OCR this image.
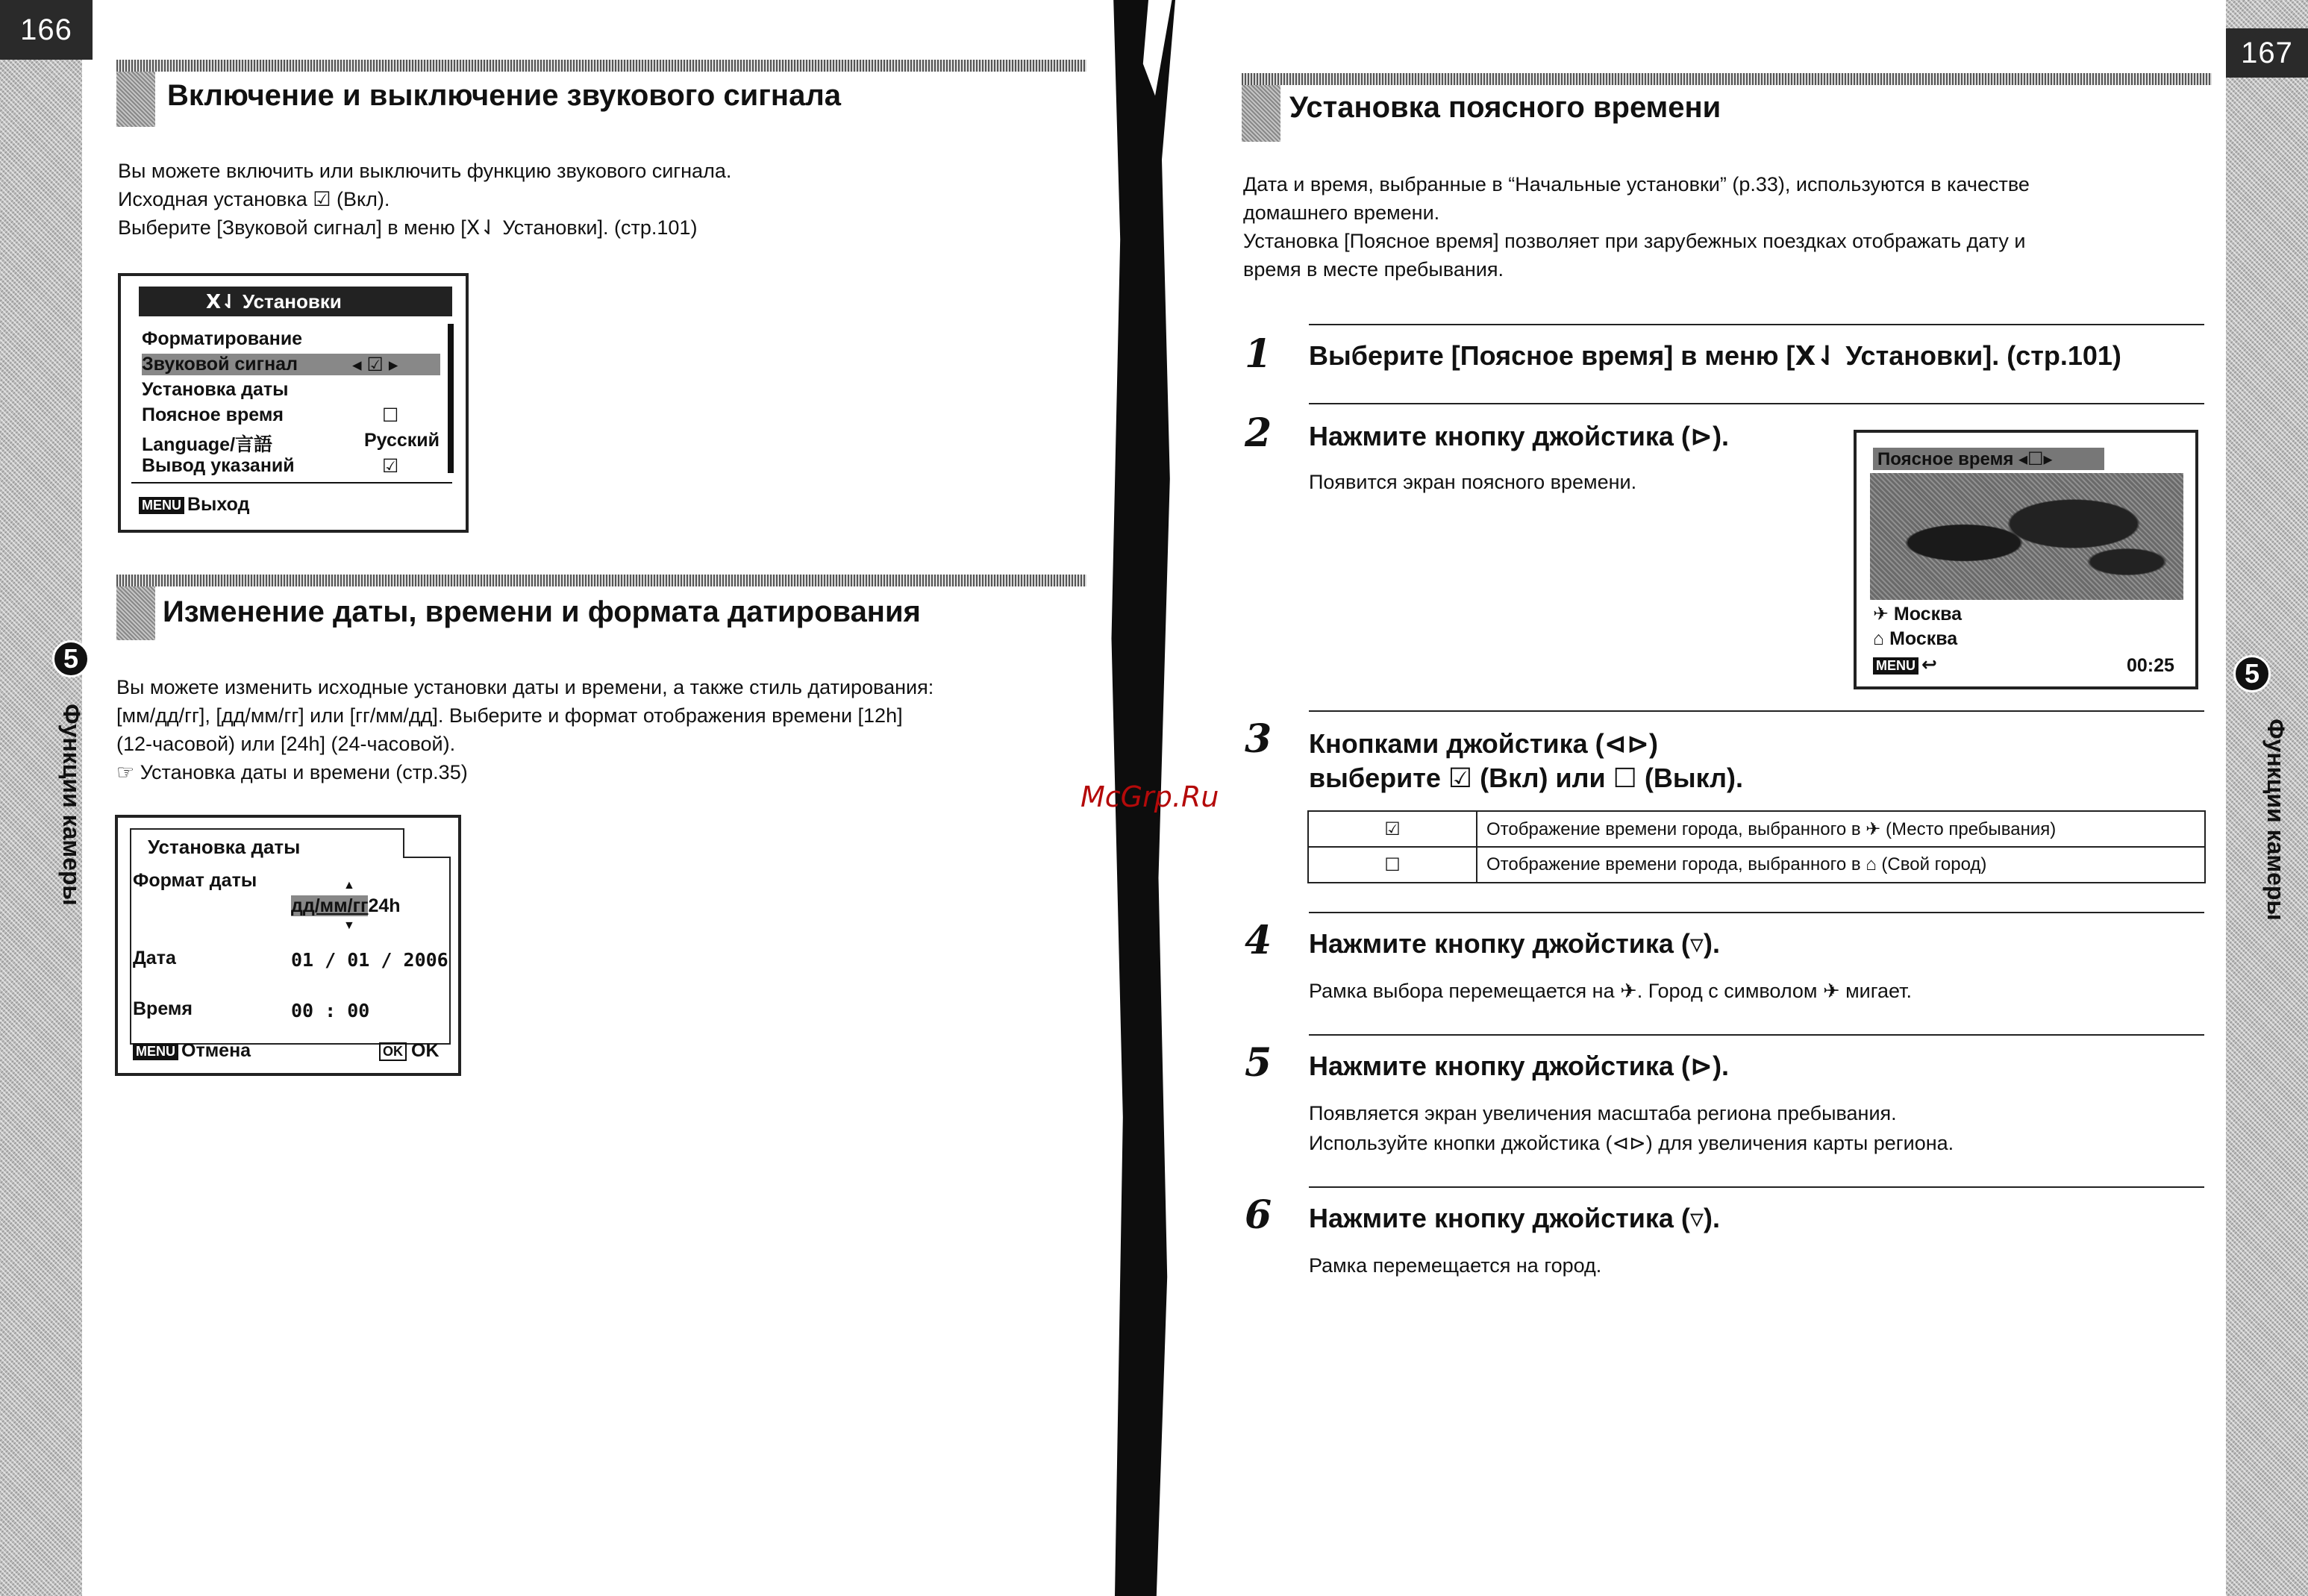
166
5
Функции камеры
167
5
Функции камеры
Включение и выключение звукового сигнала
Вы можете включить или выключить функцию звукового сигнала.
Исходная установка ☑ (Вкл).
Выберите [Звуковой сигнал] в меню [Ⅹ⇃ Установки]. (стр.101)
Ⅹ⇃ Установки
Форматирование
Звуковой сигнал	◂ ☑ ▸
Установка даты
Поясное время	☐
Language/言語	Русский
Вывод указаний	☑
MENU Выход
Изменение даты, времени и формата датирования
Вы можете изменить исходные установки даты и времени, а также стиль датирования:
[мм/дд/гг], [дд/мм/гг] или [гг/мм/дд]. Выберите и формат отображения времени [12h]
(12-часовой) или [24h] (24-часовой).
☞ Установка даты и времени (стр.35)
Установка даты
Формат даты	▲
дд/мм/гг24h
▼
Дата	01 / 01 / 2006
Время	00 : 00
MENU Отмена	OK OK
Установка поясного времени
Дата и время, выбранные в “Начальные установки” (р.33), используются в качестве
домашнего времени.
Установка [Поясное время] позволяет при зарубежных поездках отображать дату и
время в месте пребывания.
1 Выберите [Поясное время] в меню [Ⅹ⇃ Установки]. (стр.101)
2 Нажмите кнопку джойстика (⊳).
Появится экран поясного времени.
Поясное время ◂☐▸
✈ Москва
⌂ Москва
MENU ↩	00:25
3 Кнопками джойстика (⊲⊳)
выберите ☑ (Вкл) или ☐ (Выкл).
☑	Отображение времени города, выбранного в ✈ (Место пребывания)
☐	Отображение времени города, выбранного в ⌂ (Свой город)
4 Нажмите кнопку джойстика (▿).
Рамка выбора перемещается на ✈. Город с символом ✈ мигает.
5 Нажмите кнопку джойстика (⊳).
Появляется экран увеличения масштаба региона пребывания.
Используйте кнопки джойстика (⊲⊳) для увеличения карты региона.
6 Нажмите кнопку джойстика (▿).
Рамка перемещается на город.
McGrp.Ru
